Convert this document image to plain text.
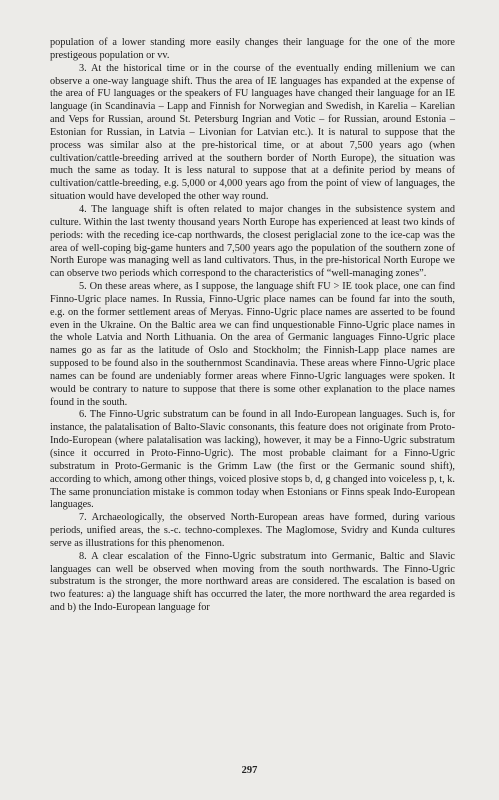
population of a lower standing more easily changes their language for the one of the more prestigeous population or vv.

3. At the historical time or in the course of the eventually ending millenium we can observe a one-way language shift. Thus the area of IE languages has expanded at the expense of the area of FU languages or the speakers of FU languages have changed their language for an IE language (in Scandinavia – Lapp and Finnish for Norwegian and Swedish, in Karelia – Karelian and Veps for Russian, around St. Petersburg Ingrian and Votic – for Russian, around Estonia – Estonian for Russian, in Latvia – Livonian for Latvian etc.). It is natural to suppose that the process was similar also at the pre-historical time, or at about 7,500 years ago (when cultivation/cattle-breeding arrived at the southern border of North Europe), the situation was much the same as today. It is less natural to suppose that at a definite period by means of cultivation/cattle-breeding, e.g. 5,000 or 4,000 years ago from the point of view of languages, the situation would have developed the other way round.

4. The language shift is often related to major changes in the subsistence system and culture. Within the last twenty thousand years North Europe has experienced at least two kinds of periods: with the receding ice-cap northwards, the closest periglacial zone to the ice-cap was the area of well-coping big-game hunters and 7,500 years ago the population of the southern zone of North Europe was managing well as land cultivators. Thus, in the pre-historical North Europe we can observe two periods which correspond to the characteristics of “well-managing zones”.

5. On these areas where, as I suppose, the language shift FU > IE took place, one can find Finno-Ugric place names. In Russia, Finno-Ugric place names can be found far into the south, e.g. on the former settlement areas of Meryas. Finno-Ugric place names are asserted to be found even in the Ukraine. On the Baltic area we can find unquestionable Finno-Ugric place names in the whole Latvia and North Lithuania. On the area of Germanic languages Finno-Ugric place names go as far as the latitude of Oslo and Stockholm; the Finnish-Lapp place names are supposed to be found also in the southernmost Scandinavia. These areas where Finno-Ugric place names can be found are undeniably former areas where Finno-Ugric languages were spoken. It would be contrary to nature to suppose that there is some other explanation to the place names found in the south.

6. The Finno-Ugric substratum can be found in all Indo-European languages. Such is, for instance, the palatalisation of Balto-Slavic consonants, this feature does not originate from Proto-Indo-European (where palatalisation was lacking), however, it may be a Finno-Ugric substratum (since it occurred in Proto-Finno-Ugric). The most probable claimant for a Finno-Ugric substratum in Proto-Germanic is the Grimm Law (the first or the Germanic sound shift), according to which, among other things, voiced plosive stops b, d, g changed into voiceless p, t, k. The same pronunciation mistake is common today when Estonians or Finns speak Indo-European languages.

7. Archaeologically, the observed North-European areas have formed, during various periods, unified areas, the s.-c. techno-complexes. The Maglomose, Svidry and Kunda cultures serve as illustrations for this phenomenon.

8. A clear escalation of the Finno-Ugric substratum into Germanic, Baltic and Slavic languages can well be observed when moving from the south northwards. The Finno-Ugric substratum is the stronger, the more northward areas are considered. The escalation is based on two features: a) the language shift has occurred the later, the more northward the area regarded is and b) the Indo-European language for

297
